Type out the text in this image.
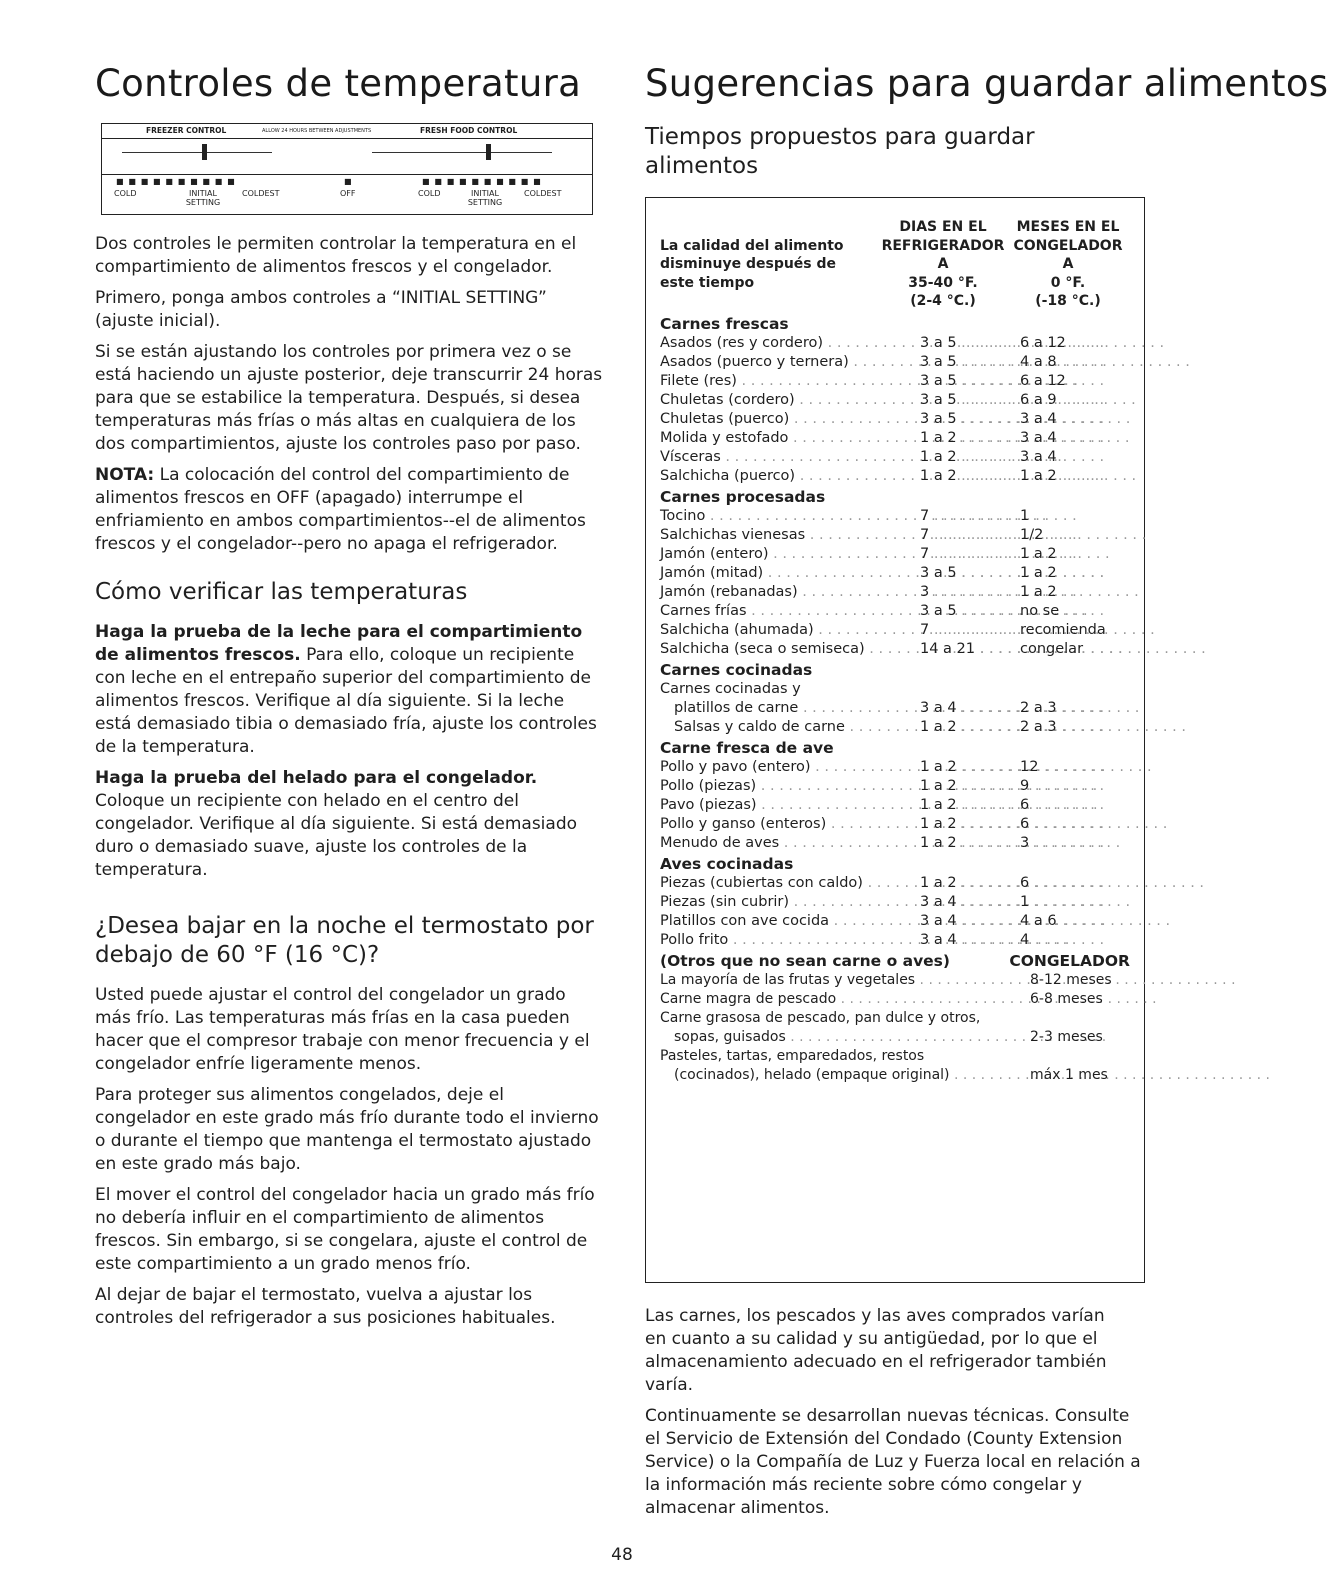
Controles de temperatura
FREEZER CONTROL	ALLOW 24 HOURS BETWEEN ADJUSTMENTS	FRESH FOOD CONTROL
■ ■ ■ ■ ■ ■ ■ ■ ■ ■	■ ■ ■ ■ ■ ■ ■ ■ ■ ■
■
COLD	INITIAL SETTING
COLDEST	OFF	COLD	INITIAL SETTING
COLDEST

Dos controles le permiten controlar la temperatura en el compartimiento de alimentos frescos y el congelador.

Primero, ponga ambos controles a “INITIAL SETTING” (ajuste inicial).

Si se están ajustando los controles por primera vez o se está haciendo un ajuste posterior, deje transcurrir 24 horas para que se estabilice la temperatura. Después, si desea temperaturas más frías o más altas en cualquiera de los dos compartimientos, ajuste los controles paso por paso.

NOTA: La colocación del control del compartimiento de alimentos frescos en OFF (apagado) interrumpe el enfriamiento en ambos compartimientos--el de alimentos frescos y el congelador--pero no apaga el refrigerador.

Cómo verificar las temperaturas

Haga la prueba de la leche para el compartimiento de alimentos frescos. Para ello, coloque un recipiente con leche en el entrepaño superior del compartimiento de alimentos frescos. Verifique al día siguiente. Si la leche está demasiado tibia o demasiado fría, ajuste los controles de la temperatura.

Haga la prueba del helado para el congelador. Coloque un recipiente con helado en el centro del congelador. Verifique al día siguiente. Si está demasiado duro o demasiado suave, ajuste los controles de la temperatura.

¿Desea bajar en la noche el termostato por debajo de 60 °F (16 °C)?

Usted puede ajustar el control del congelador un grado más frío. Las temperaturas más frías en la casa pueden hacer que el compresor trabaje con menor frecuencia y el congelador enfríe ligeramente menos.

Para proteger sus alimentos congelados, deje el congelador en este grado más frío durante todo el invierno o durante el tiempo que mantenga el termostato ajustado en este grado más bajo.

El mover el control del congelador hacia un grado más frío no debería influir en el compartimiento de alimentos frescos. Sin embargo, si se congelara, ajuste el control de este compartimiento a un grado menos frío.

Al dejar de bajar el termostato, vuelva a ajustar los controles del refrigerador a sus posiciones habituales.

Sugerencias para guardar alimentos
Tiempos propuestos para guardar alimentos

La calidad del alimento
disminuye después de
este tiempo
DIAS EN EL
REFRIGERADOR
A
35-40 °F.
(2-4 °C.)
MESES EN EL
CONGELADOR
A
0 °F.
(-18 °C.)
Carnes frescas
Asados (res y cordero) . . .	3 a 5 . . .	6 a 12
Asados (puerco y ternera) . . .	3 a 5 . . .	4 a 8
Filete (res) . . .	3 a 5 . . .	6 a 12
Chuletas (cordero) . . .	3 a 5 . . .	6 a 9
Chuletas (puerco) . . .	3 a 5 . . .	3 a 4
Molida y estofado . . .	1 a 2 . . .	3 a 4
Vísceras . . .	1 a 2 . . .	3 a 4
Salchicha (puerco) . . .	1 a 2 . . .	1 a 2
Carnes procesadas
Tocino . . .	7 . . .	1
Salchichas vienesas . . .	7 . . .	1/2
Jamón (entero) . . .	7 . . .	1 a 2
Jamón (mitad) . . .	3 a 5 . . .	1 a 2
Jamón (rebanadas) . . .	3 . . .	1 a 2
Carnes frías . . .	3 a 5 . . .	no se
Salchicha (ahumada) . . .	7 . . .	recomienda
Salchicha (seca o semiseca) . . .	14 a 21 . . .	congelar
Carnes cocinadas
Carnes cocinadas y
platillos de carne . . .	3 a 4 . . .	2 a 3
Salsas y caldo de carne . . .	1 a 2 . . .	2 a 3
Carne fresca de ave
Pollo y pavo (entero) . . .	1 a 2 . . .	12
Pollo (piezas) . . .	1 a 2 . . .	9
Pavo (piezas) . . .	1 a 2 . . .	6
Pollo y ganso (enteros) . . .	1 a 2 . . .	6
Menudo de aves . . .	1 a 2 . . .	3
Aves cocinadas
Piezas (cubiertas con caldo) . . .	1 a 2 . . .	6
Piezas (sin cubrir) . . .	3 a 4 . . .	1
Platillos con ave cocida . . .	3 a 4 . . .	4 a 6
Pollo frito . . .	3 a 4 . . .	4
(Otros que no sean carne o aves)	CONGELADOR
La mayoría de las frutas y vegetales . . .	8-12 meses
Carne magra de pescado . . .	6-8 meses
Carne grasosa de pescado, pan dulce y otros,
sopas, guisados . . .	2-3 meses
Pasteles, tartas, emparedados, restos
(cocinados), helado (empaque original) . . .	máx 1 mes

Las carnes, los pescados y las aves comprados varían en cuanto a su calidad y su antigüedad, por lo que el almacenamiento adecuado en el refrigerador también varía.

Continuamente se desarrollan nuevas técnicas. Consulte el Servicio de Extensión del Condado (County Extension Service) o la Compañía de Luz y Fuerza local en relación a la información más reciente sobre cómo congelar y almacenar alimentos.

48
